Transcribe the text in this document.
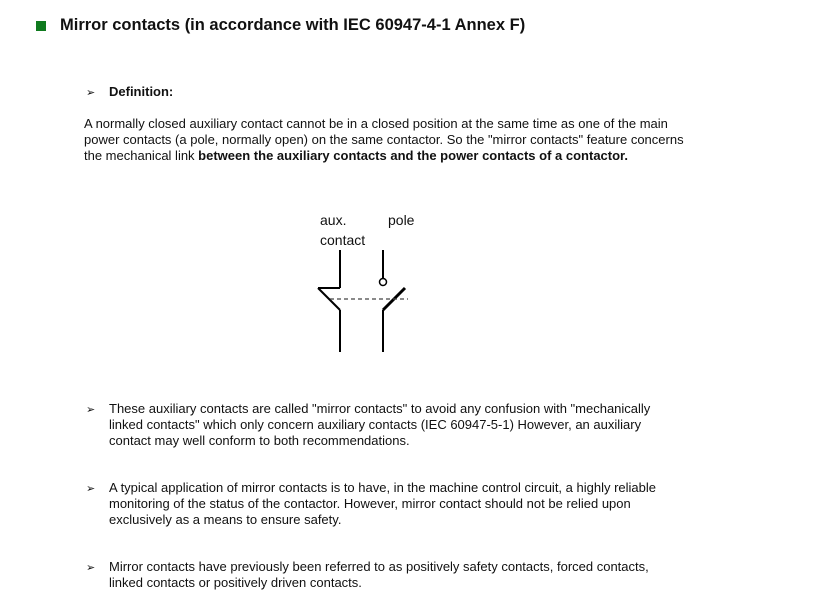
Mirror contacts (in accordance with IEC 60947-4-1 Annex F)
➢ Definition:
A normally closed auxiliary contact cannot be in a closed position at the same time as one of the main power contacts (a pole, normally open) on the same contactor. So the "mirror contacts" feature concerns the mechanical link between the auxiliary contacts and the power contacts of a contactor.
aux.
contact
pole
➢ These auxiliary contacts are called "mirror contacts" to avoid any confusion with "mechanically linked contacts" which only concern auxiliary contacts (IEC 60947-5-1) However, an auxiliary contact may well conform to both recommendations.
➢ A typical application of mirror contacts is to have, in the machine control circuit, a highly reliable monitoring of the status of the contactor. However, mirror contact should not be relied upon exclusively as a means to ensure safety.
➢ Mirror contacts have previously been referred to as positively safety contacts, forced contacts, linked contacts or positively driven contacts.
